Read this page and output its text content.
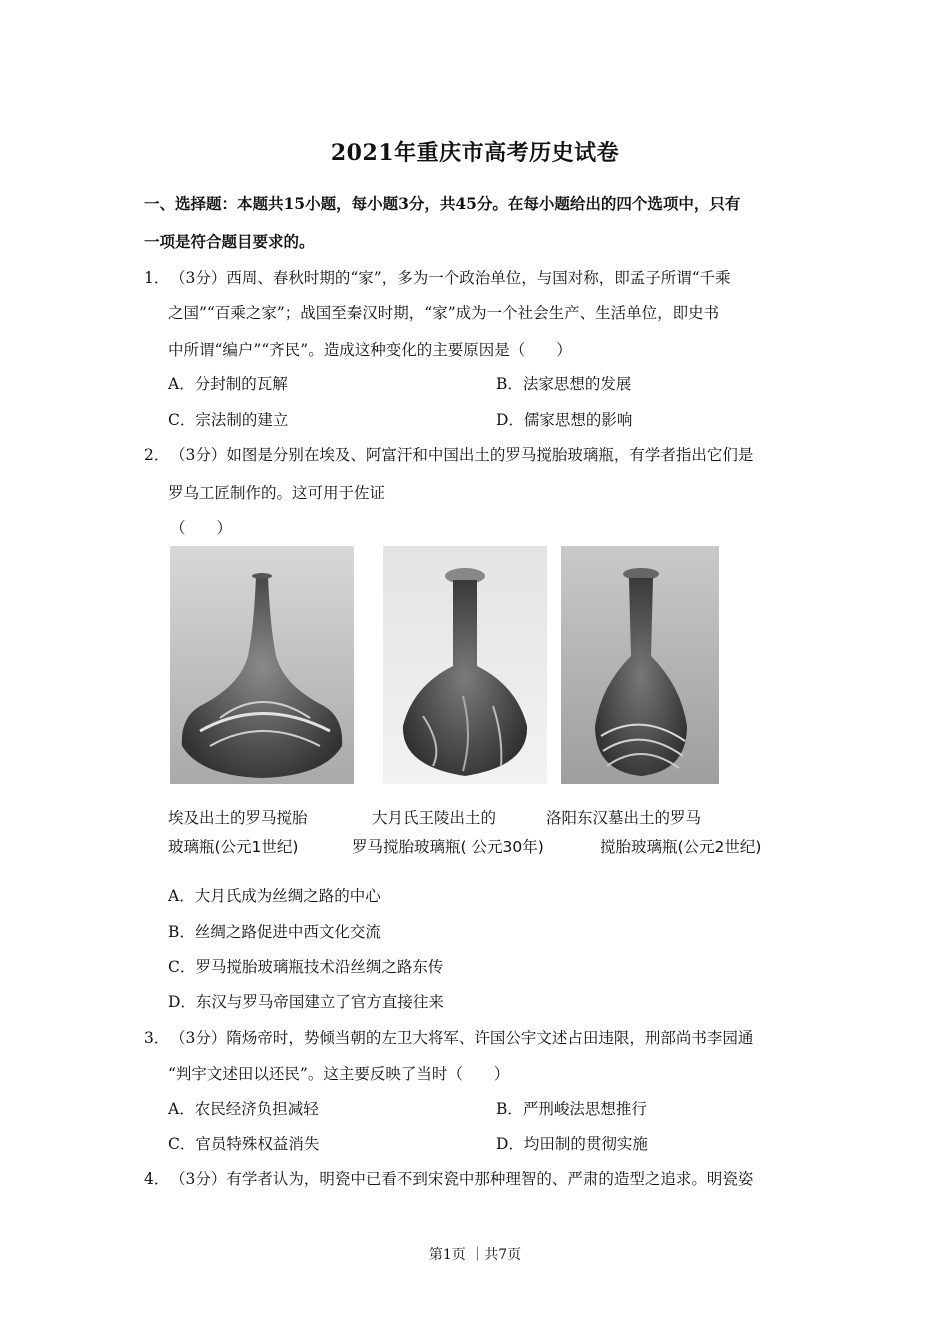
2021年重庆市高考历史试卷
一、选择题：本题共15小题，每小题3分，共45分。在每小题给出的四个选项中，只有
一项是符合题目要求的。
1． （3分）西周、春秋时期的“家”，多为一个政治单位，与国对称，即孟子所谓“千乘
之国”“百乘之家”；战国至秦汉时期，“家”成为一个社会生产、生活单位，即史书
中所谓“编户”“齐民”。造成这种变化的主要原因是（　　）
A．分封制的瓦解	B．法家思想的发展
C．宗法制的建立	D．儒家思想的影响
2． （3分）如图是分别在埃及、阿富汗和中国出土的罗马搅胎玻璃瓶，有学者指出它们是
罗乌工匠制作的。这可用于佐证
（　　）
埃及出土的罗马搅胎	大月氏王陵出土的	洛阳东汉墓出土的罗马
玻璃瓶(公元1世纪)	罗马搅胎玻璃瓶( 公元30年)	搅胎玻璃瓶(公元2世纪)
A．大月氏成为丝绸之路的中心
B．丝绸之路促进中西文化交流
C．罗马搅胎玻璃瓶技术沿丝绸之路东传
D．东汉与罗马帝国建立了官方直接往来
3． （3分）隋炀帝时，势倾当朝的左卫大将军、许国公宇文述占田违限，刑部尚书李园通
“判宇文述田以还民”。这主要反映了当时（　　）
A．农民经济负担减轻	B．严刑峻法思想推行
C．官员特殊权益消失	D．均田制的贯彻实施
4． （3分）有学者认为，明瓷中已看不到宋瓷中那种理智的、严肃的造型之追求。明瓷姿
第1页 ｜共7页
